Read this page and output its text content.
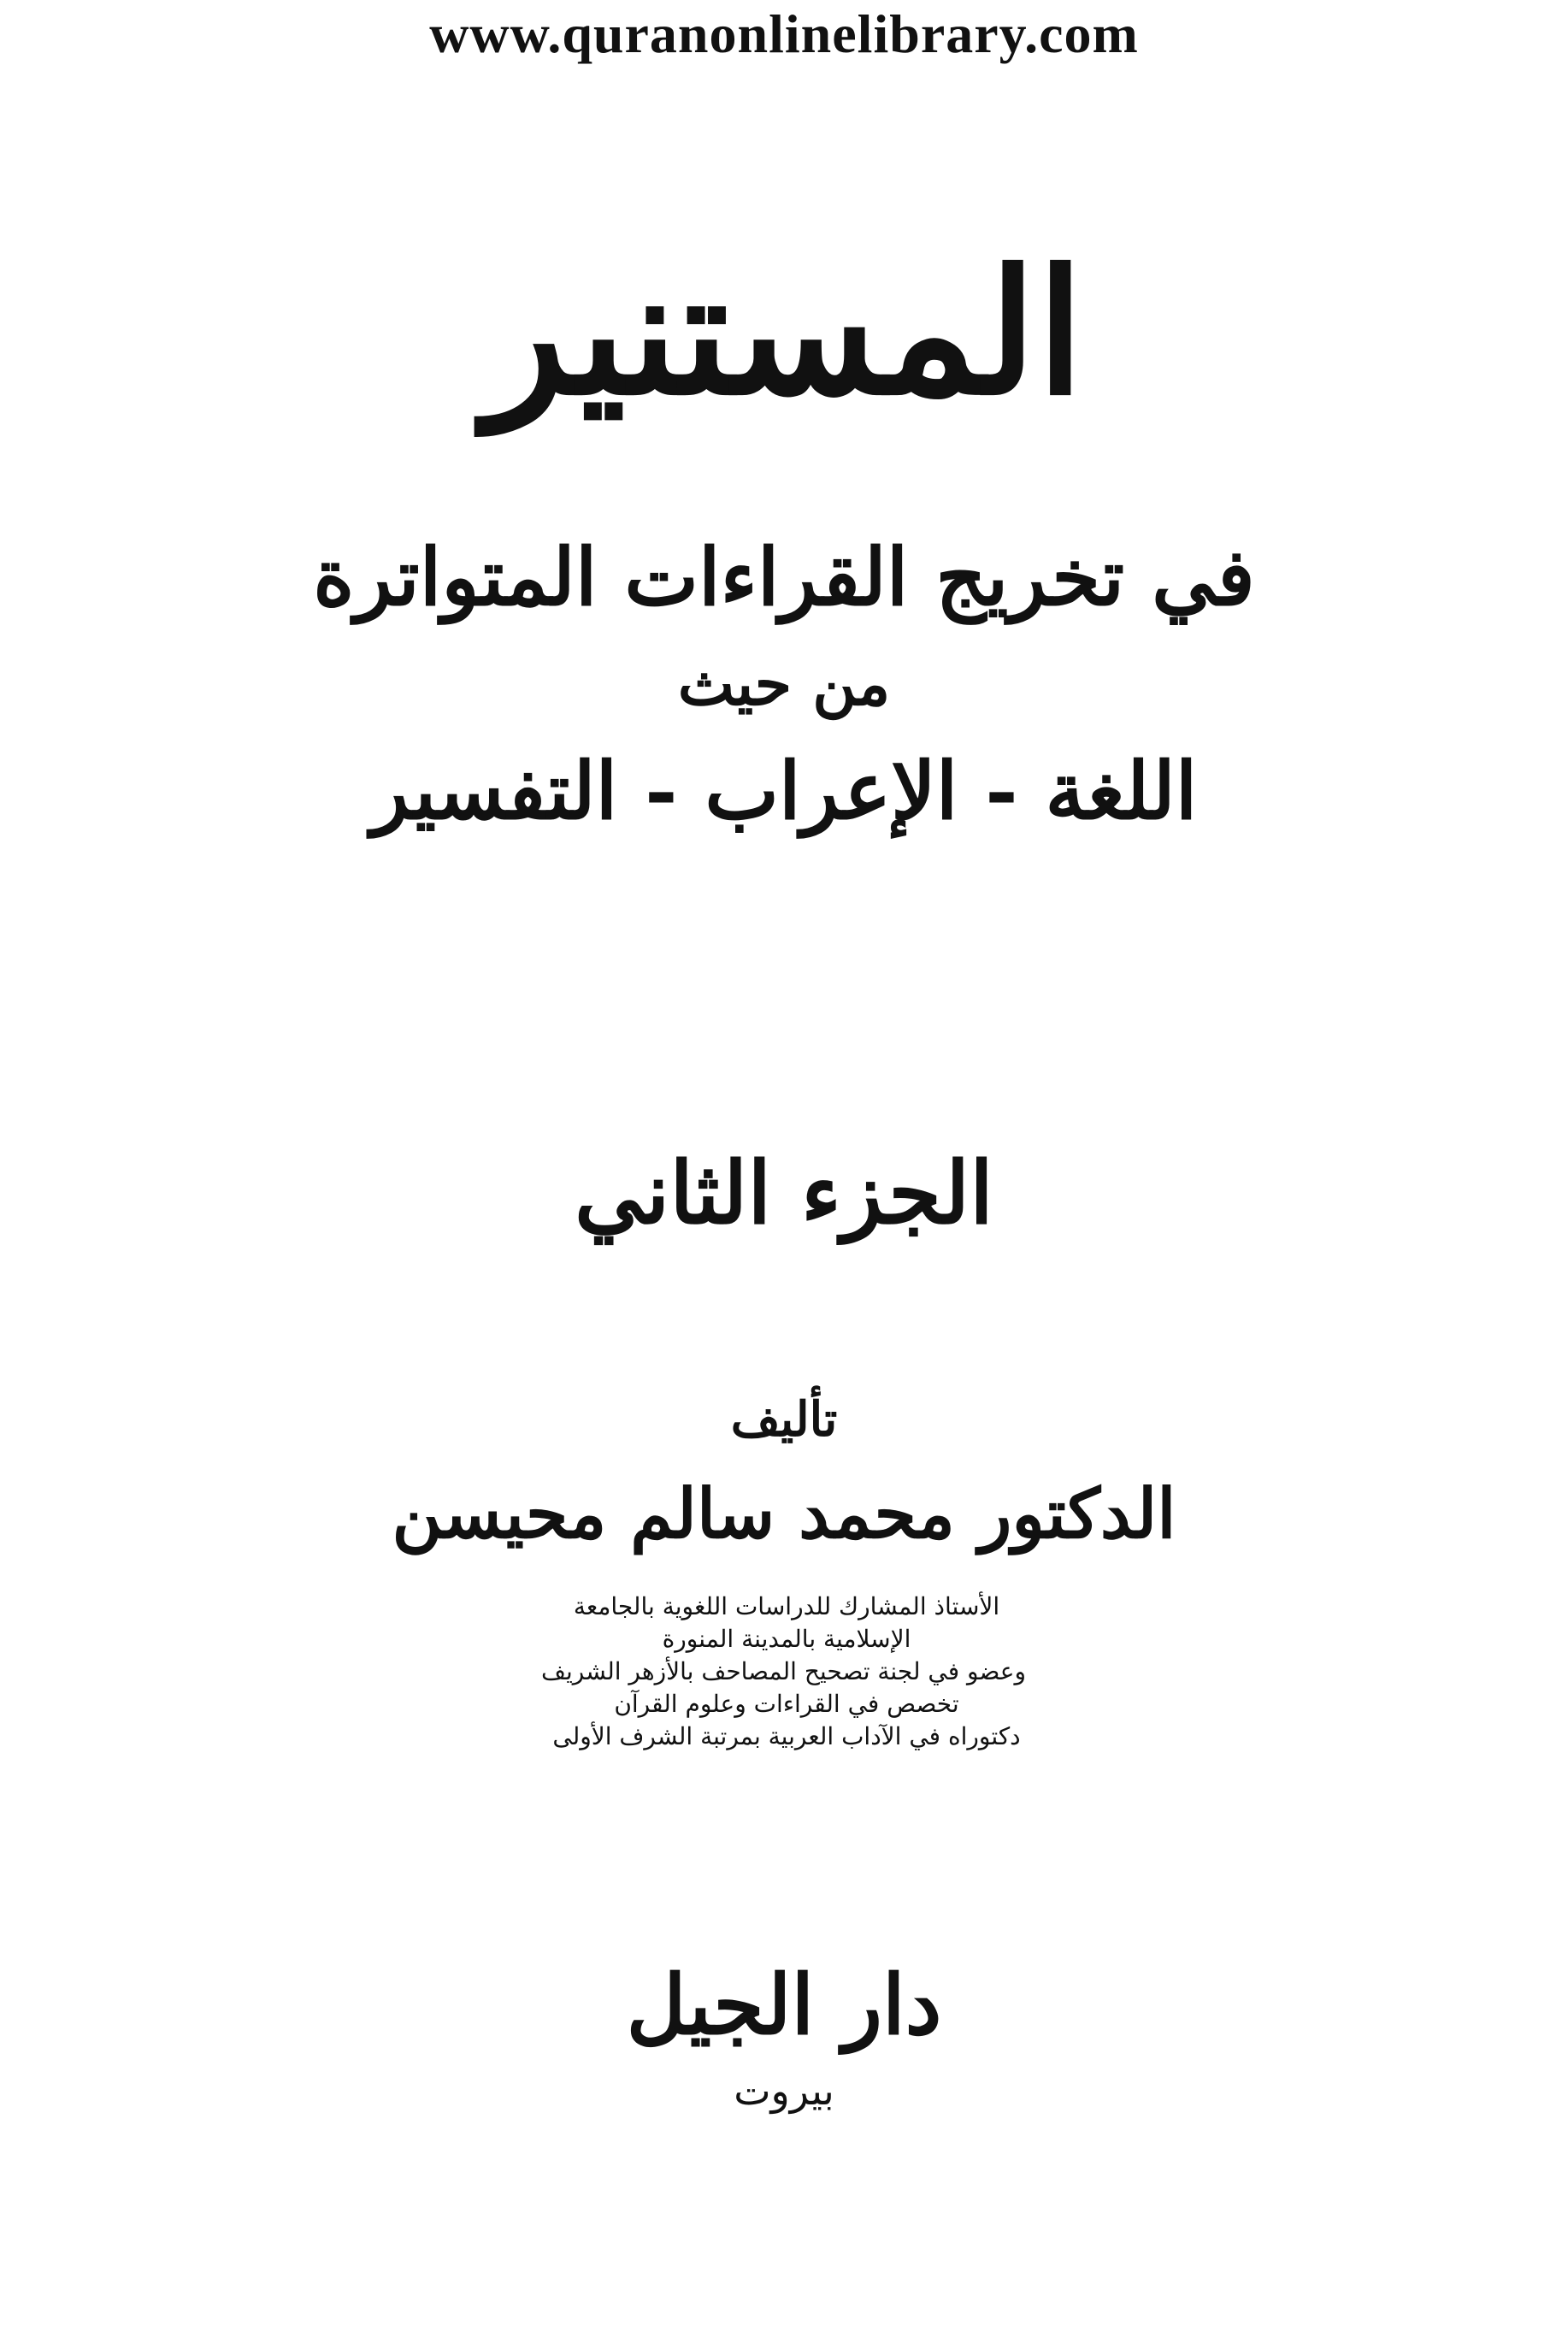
www.quranonlinelibrary.com
المستنير
في تخريج القراءات المتواترة
من حيث
اللغة - الإعراب - التفسير
الجزء الثاني
تأليف
الدكتور محمد سالم محيسن
الأستاذ المشارك للدراسات اللغوية بالجامعة
الإسلامية بالمدينة المنورة
وعضو في لجنة تصحيح المصاحف بالأزهر الشريف
تخصص في القراءات وعلوم القرآن
دكتوراه في الآداب العربية بمرتبة الشرف الأولى
دار الجيل
بيروت
